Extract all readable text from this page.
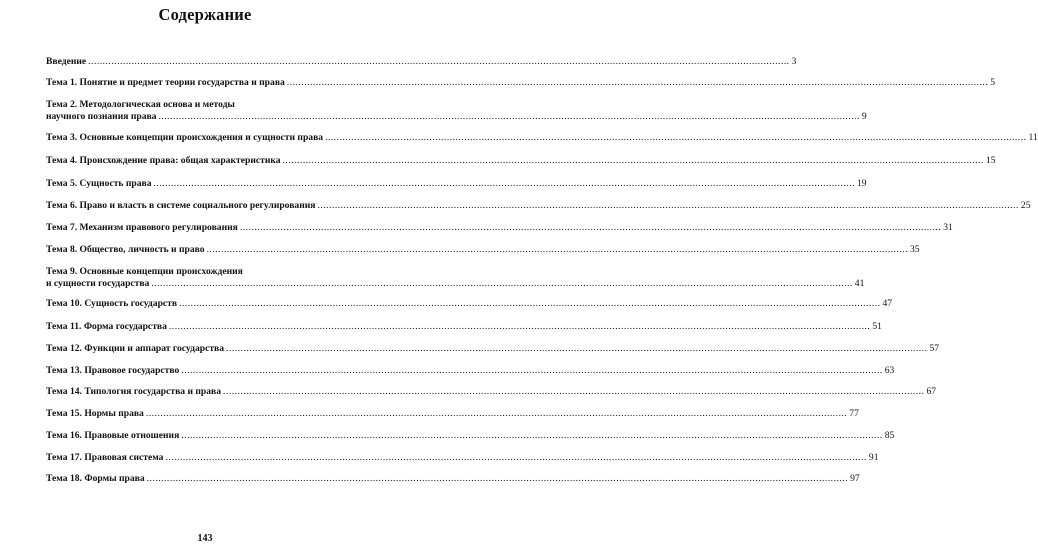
Содержание
Введение .................................................................................................................................................................................................................................................. 3
Тема 1. Понятие и предмет теории государства и права .................................................................................................................................................................................................................................................. 5
Тема 2. Методологическая основа и методы
научного познания права .................................................................................................................................................................................................................................................. 9
Тема 3. Основные концепции происхождения и сущности права .................................................................................................................................................................................................................................................. 11
Тема 4. Происхождение права: общая характеристика .................................................................................................................................................................................................................................................. 15
Тема 5. Сущность права .................................................................................................................................................................................................................................................. 19
Тема 6. Право и власть в системе социального регулирования .................................................................................................................................................................................................................................................. 25
Тема 7. Механизм правового регулирования .................................................................................................................................................................................................................................................. 31
Тема 8. Общество, личность и право .................................................................................................................................................................................................................................................. 35
Тема 9. Основные концепции происхождения
и сущности государства .................................................................................................................................................................................................................................................. 41
Тема 10. Сущность государств .................................................................................................................................................................................................................................................. 47
Тема 11. Форма государства .................................................................................................................................................................................................................................................. 51
Тема 12. Функции и аппарат государства .................................................................................................................................................................................................................................................. 57
Тема 13. Правовое государство .................................................................................................................................................................................................................................................. 63
Тема 14. Типология государства и права .................................................................................................................................................................................................................................................. 67
Тема 15. Нормы права .................................................................................................................................................................................................................................................. 77
Тема 16. Правовые отношения .................................................................................................................................................................................................................................................. 85
Тема 17. Правовая система .................................................................................................................................................................................................................................................. 91
Тема 18. Формы права .................................................................................................................................................................................................................................................. 97
143
